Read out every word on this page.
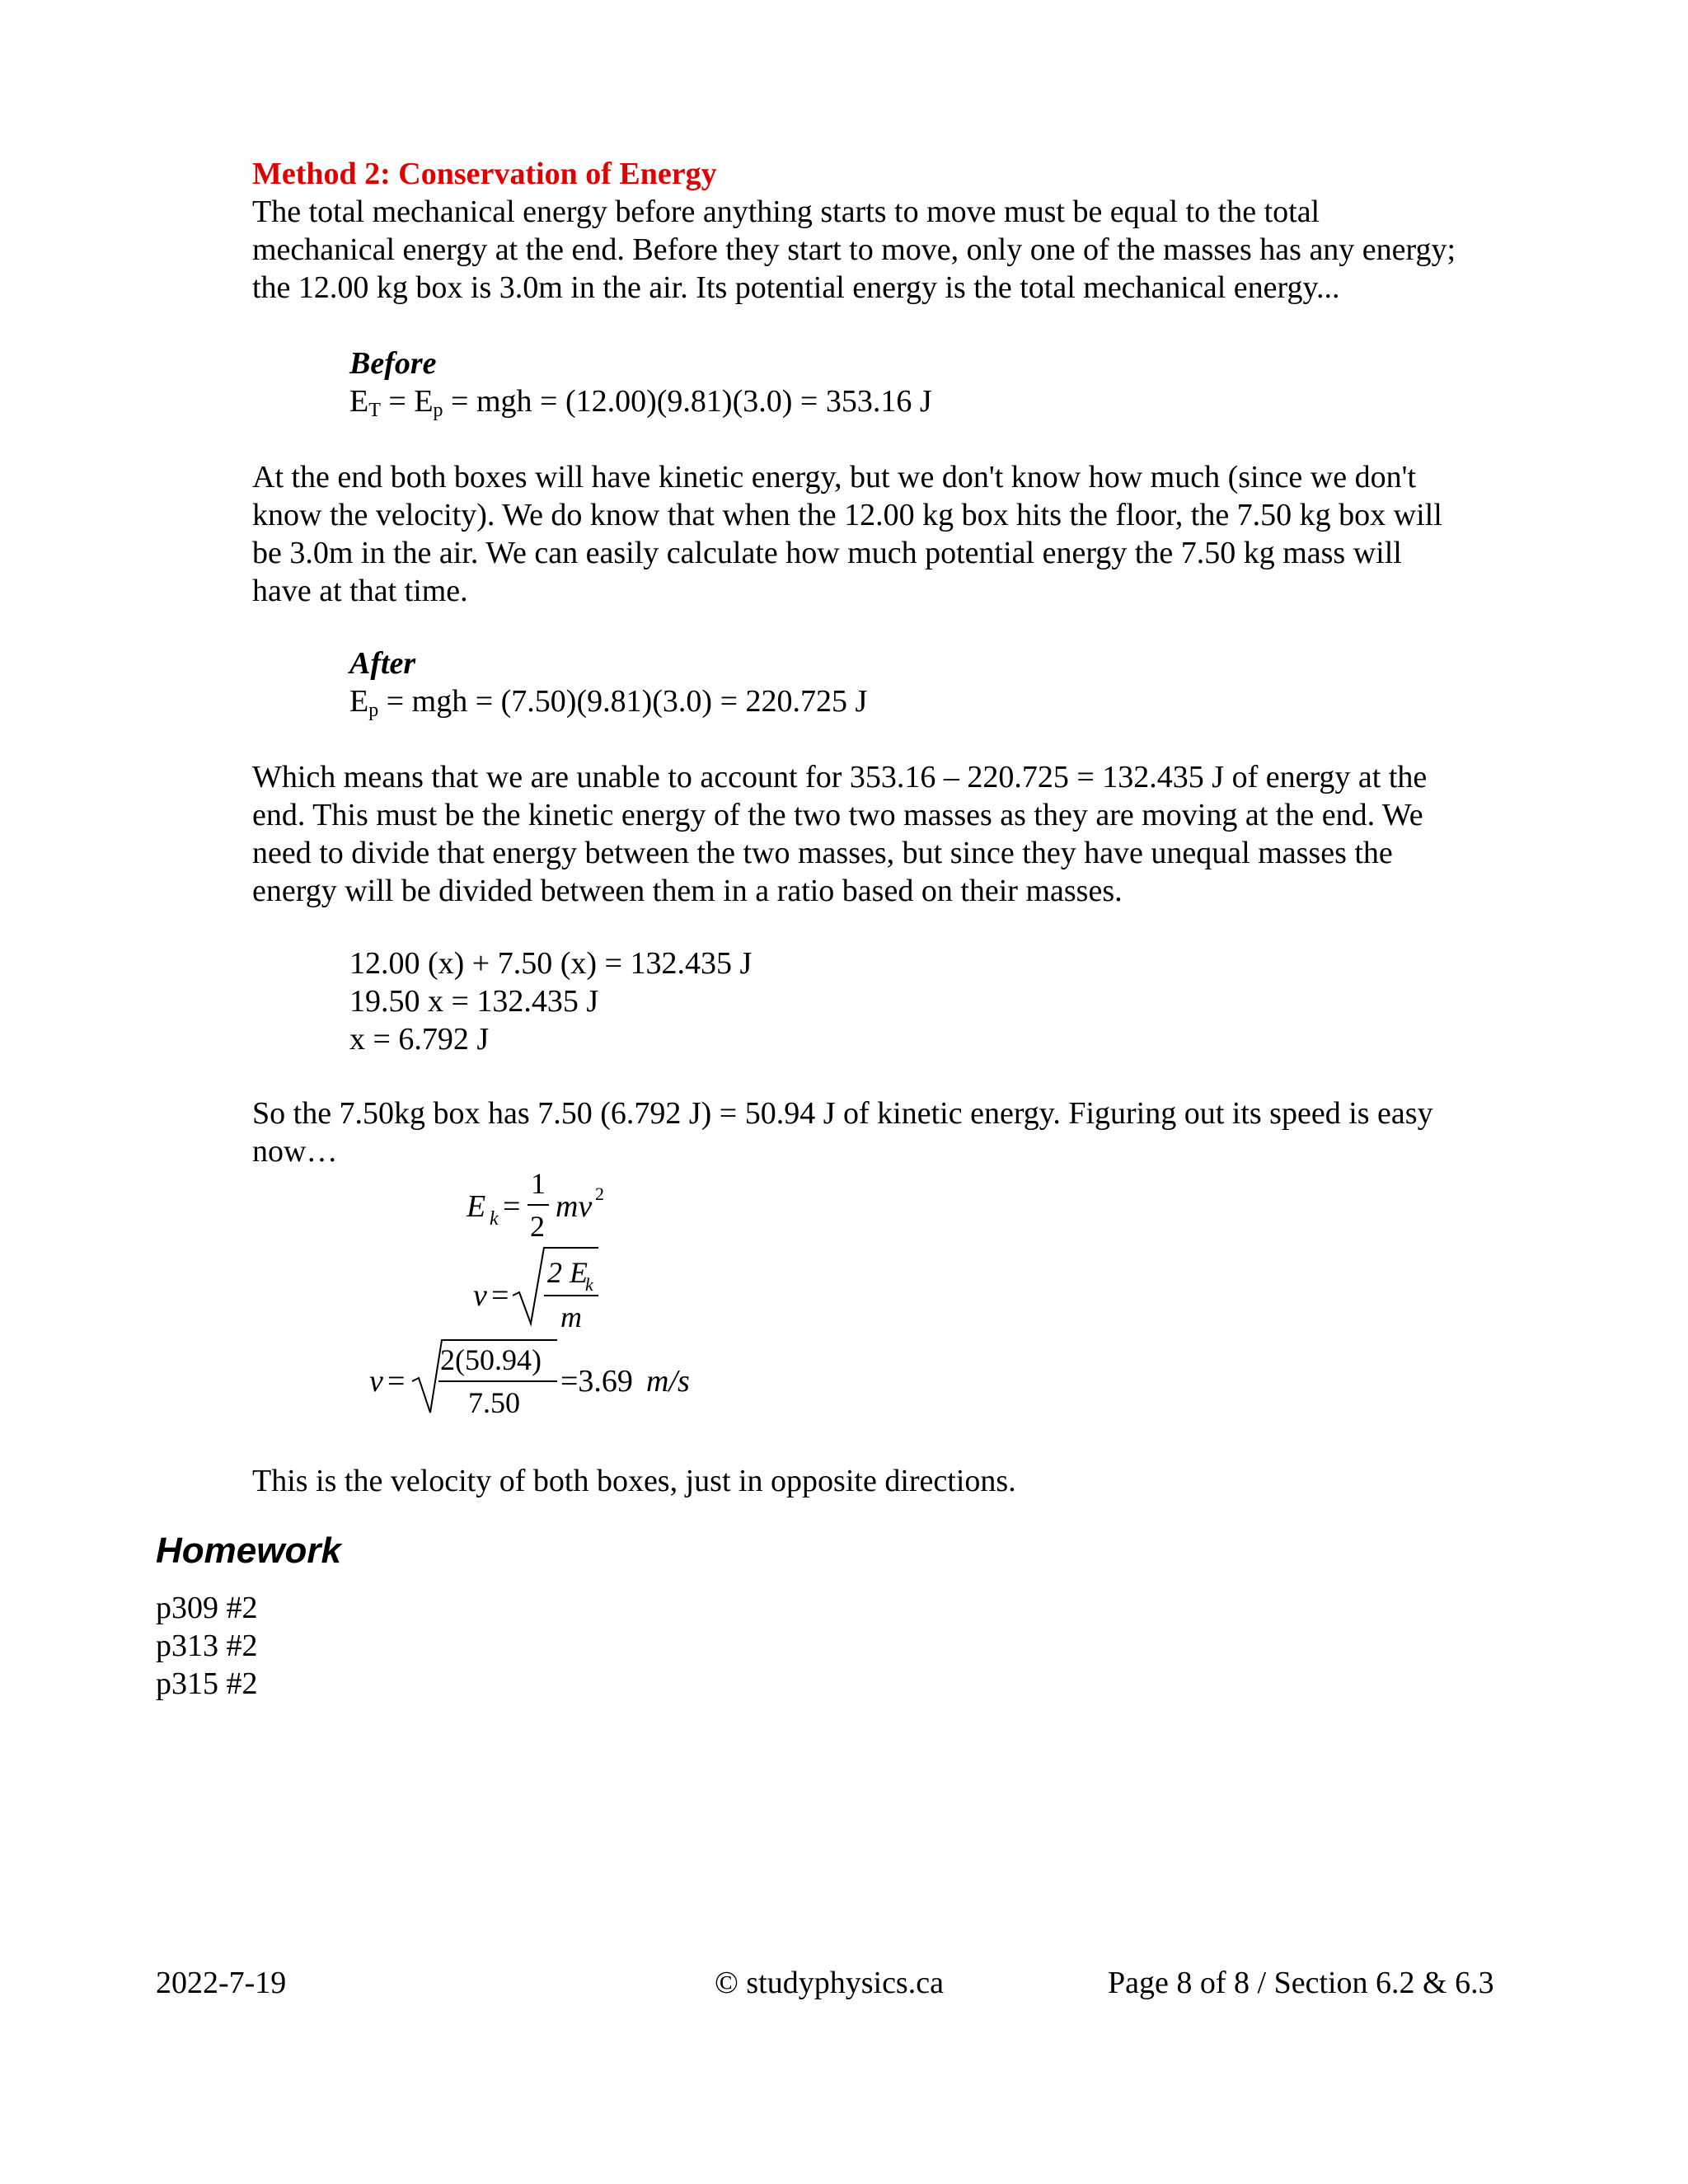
Method 2: Conservation of Energy
The total mechanical energy before anything starts to move must be equal to the total
mechanical energy at the end. Before they start to move, only one of the masses has any energy;
the 12.00 kg box is 3.0m in the air. Its potential energy is the total mechanical energy...
Before
$E_T = E_p$ = mgh = (12.00)(9.81)(3.0) = 353.16 J
At the end both boxes will have kinetic energy, but we don't know how much (since we don't
know the velocity). We do know that when the 12.00 kg box hits the floor, the 7.50 kg box will
be 3.0m in the air. We can easily calculate how much potential energy the 7.50 kg mass will
have at that time.
After
$E_p$ = mgh = (7.50)(9.81)(3.0) = 220.725 J
Which means that we are unable to account for 353.16 – 220.725 = 132.435 J of energy at the
end. This must be the kinetic energy of the two two masses as they are moving at the end. We
need to divide that energy between the two masses, but since they have unequal masses the
energy will be divided between them in a ratio based on their masses.
12.00 (x) + 7.50 (x) = 132.435 J
19.50 x = 132.435 J
x = 6.792 J
So the 7.50kg box has 7.50 (6.792 J) = 50.94 J of kinetic energy. Figuring out its speed is easy
now…
E k =
1
2
mv 2
v =
2 E
k
m
v =
2(50.94)
7.50
=3.69 m/s
This is the velocity of both boxes, just in opposite directions.
Homework
p309 #2
p313 #2
p315 #2
2022-7-19	© studyphysics.ca	Page 8 of 8 / Section 6.2 & 6.3
